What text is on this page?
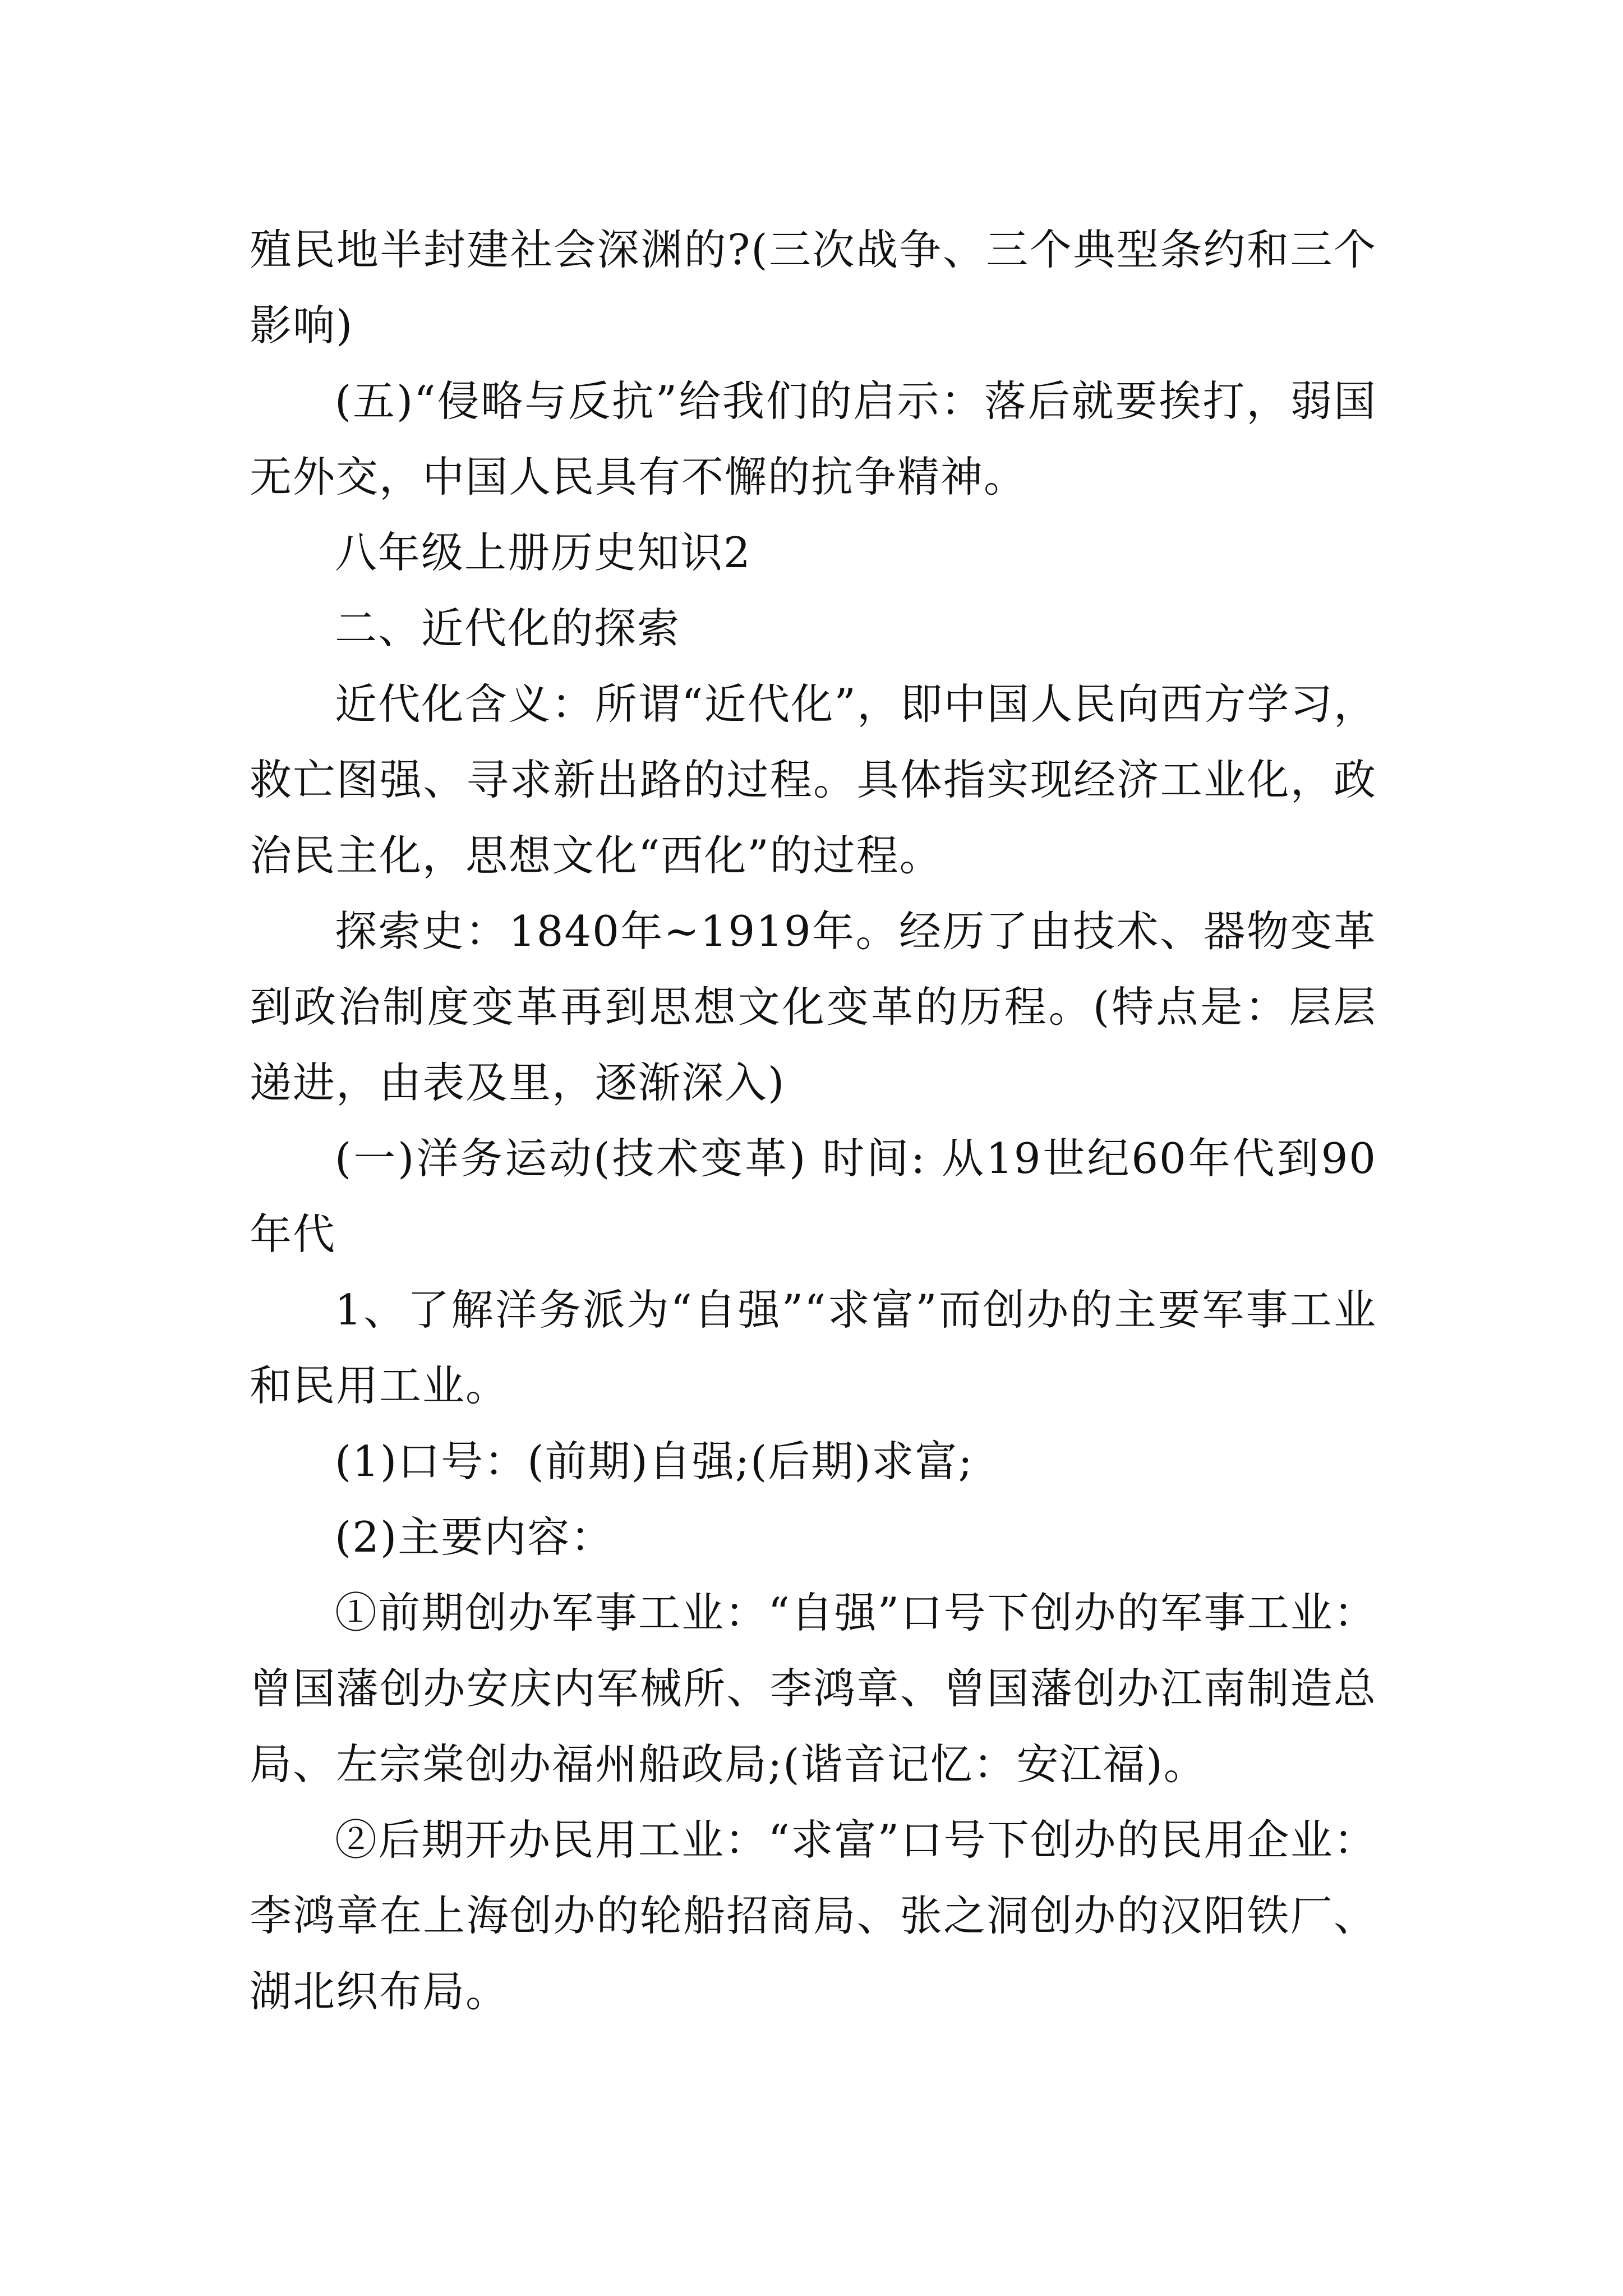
殖民地半封建社会深渊的?(三次战争、三个典型条约和三个影响)

(五)“侵略与反抗”给我们的启示：落后就要挨打，弱国无外交，中国人民具有不懈的抗争精神。

八年级上册历史知识2

二、近代化的探索

近代化含义：所谓“近代化”，即中国人民向西方学习，救亡图强、寻求新出路的过程。具体指实现经济工业化，政治民主化，思想文化“西化”的过程。

探索史：1840年~1919年。经历了由技术、器物变革到政治制度变革再到思想文化变革的历程。(特点是：层层递进，由表及里，逐渐深入)

(一)洋务运动(技术变革) 时间: 从19世纪60年代到90年代

1、了解洋务派为“自强”“求富”而创办的主要军事工业和民用工业。

(1)口号：(前期)自强;(后期)求富;

(2)主要内容：

①前期创办军事工业：“自强”口号下创办的军事工业：曾国藩创办安庆内军械所、李鸿章、曾国藩创办江南制造总局、左宗棠创办福州船政局;(谐音记忆：安江福)。

②后期开办民用工业：“求富”口号下创办的民用企业：李鸿章在上海创办的轮船招商局、张之洞创办的汉阳铁厂、湖北织布局。
